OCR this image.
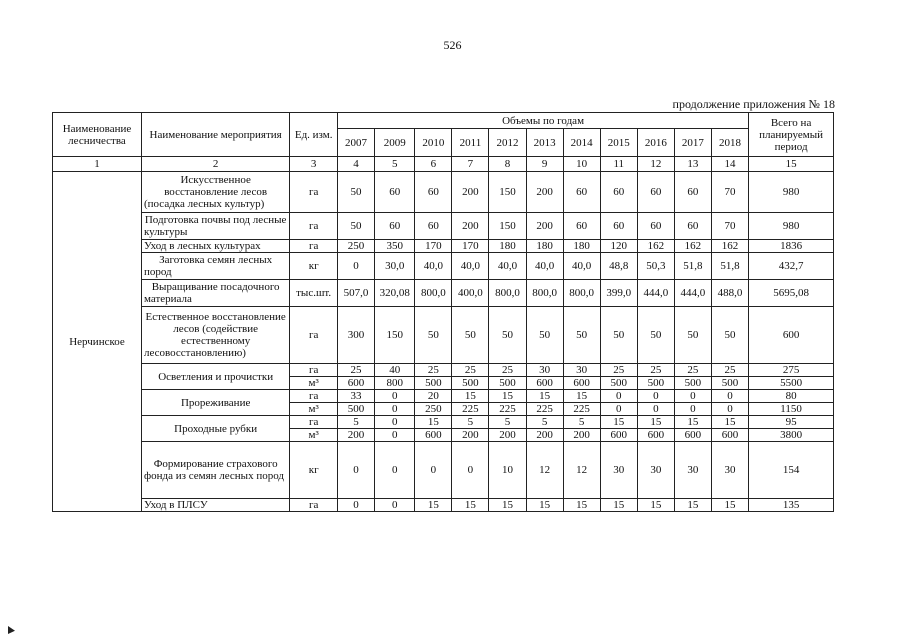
526
продолжение приложения № 18
Наименование лесничества	Наименование мероприятия	Ед. изм.	Объемы по годам											Всего на планируемый период
			2007	2009	2010	2011	2012	2013	2014	2015	2016	2017	2018	
1	2	3	4	5	6	7	8	9	10	11	12	13	14	15
Нерчинское	Искусственное восстановление лесов (посадка лесных культур)	га	50	60	60	200	150	200	60	60	60	60	70	980
	Подготовка почвы под лесные культуры	га	50	60	60	200	150	200	60	60	60	60	70	980
	Уход в лесных культурах	га	250	350	170	170	180	180	180	120	162	162	162	1836
	Заготовка семян лесных пород	кг	0	30,0	40,0	40,0	40,0	40,0	40,0	48,8	50,3	51,8	51,8	432,7
	Выращивание посадочного материала	тыс.шт.	507,0	320,08	800,0	400,0	800,0	800,0	800,0	399,0	444,0	444,0	488,0	5695,08
	Естественное восстановление лесов (содействие естественному лесовосстановлению)	га	300	150	50	50	50	50	50	50	50	50	50	600
	Осветления и прочистки	га	25	40	25	25	25	30	30	25	25	25	25	275
		м³	600	800	500	500	500	600	600	500	500	500	500	5500
	Прореживание	га	33	0	20	15	15	15	15	0	0	0	0	80
		м³	500	0	250	225	225	225	225	0	0	0	0	1150
	Проходные рубки	га	5	0	15	5	5	5	5	15	15	15	15	95
		м³	200	0	600	200	200	200	200	600	600	600	600	3800
	Формирование страхового фонда из семян лесных пород	кг	0	0	0	0	10	12	12	30	30	30	30	154
	Уход в ПЛСУ	га	0	0	15	15	15	15	15	15	15	15	15	135
